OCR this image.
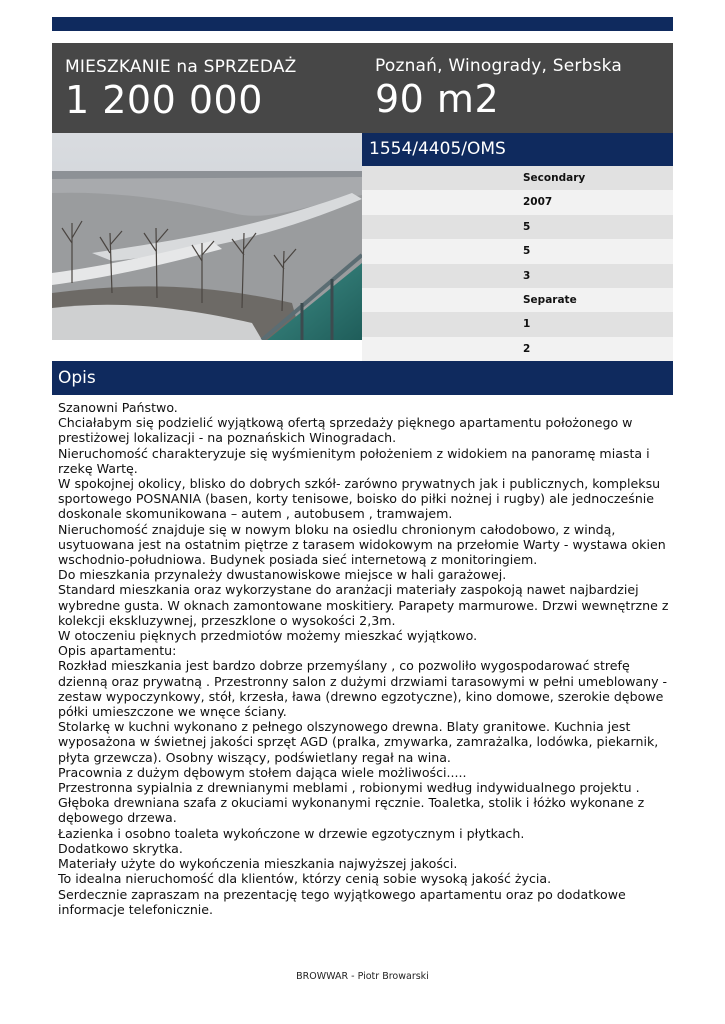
MIESZKANIE na SPRZEDAŻ
1 200 000
Poznań, Winogrady, Serbska
90 m2
1554/4405/OMS
Secondary
2007
5
5
3
Separate
1
2
Opis

Szanowni Państwo.

Chciałabym się podzielić wyjątkową ofertą sprzedaży pięknego apartamentu położonego w prestiżowej lokalizacji - na poznańskich Winogradach.

Nieruchomość charakteryzuje się wyśmienitym położeniem z widokiem na panoramę miasta i rzekę Wartę.

W spokojnej okolicy, blisko do dobrych szkół- zarówno prywatnych jak i publicznych, kompleksu sportowego POSNANIA (basen, korty tenisowe, boisko do piłki nożnej i rugby) ale jednocześnie doskonale skomunikowana – autem , autobusem , tramwajem.

Nieruchomość znajduje się w nowym bloku na osiedlu chronionym całodobowo, z windą, usytuowana jest na ostatnim piętrze z tarasem widokowym na przełomie Warty - wystawa okien wschodnio-południowa. Budynek posiada sieć internetową z monitoringiem.

Do mieszkania przynależy dwustanowiskowe miejsce w hali garażowej.

Standard mieszkania oraz wykorzystane do aranżacji materiały zaspokoją nawet najbardziej wybredne gusta. W oknach zamontowane moskitiery. Parapety marmurowe. Drzwi wewnętrzne z kolekcji ekskluzywnej, przeszklone o wysokości 2,3m.

W otoczeniu pięknych przedmiotów możemy mieszkać wyjątkowo.

Opis apartamentu:

Rozkład mieszkania jest bardzo dobrze przemyślany , co pozwoliło wygospodarować strefę dzienną oraz prywatną . Przestronny salon z dużymi drzwiami tarasowymi w pełni umeblowany - zestaw wypoczynkowy, stół, krzesła, ława (drewno egzotyczne), kino domowe, szerokie dębowe półki umieszczone we wnęce ściany.

Stolarkę w kuchni wykonano z pełnego olszynowego drewna. Blaty granitowe. Kuchnia jest wyposażona w świetnej jakości sprzęt AGD (pralka, zmywarka, zamrażalka, lodówka, piekarnik, płyta grzewcza). Osobny wiszący, podświetlany regał na wina.

Pracownia z dużym dębowym stołem dająca wiele możliwości.....

Przestronna sypialnia z drewnianymi meblami , robionymi według indywidualnego projektu .

Głęboka drewniana szafa z okuciami wykonanymi ręcznie. Toaletka, stolik i łóżko wykonane z dębowego drzewa.

Łazienka i osobno toaleta wykończone w drzewie egzotycznym i płytkach.

Dodatkowo skrytka.

Materiały użyte do wykończenia mieszkania najwyższej jakości.

To idealna nieruchomość dla klientów, którzy cenią sobie wysoką jakość życia.

Serdecznie zapraszam na prezentację tego wyjątkowego apartamentu oraz po dodatkowe informacje telefonicznie.

BROWWAR - Piotr Browarski
